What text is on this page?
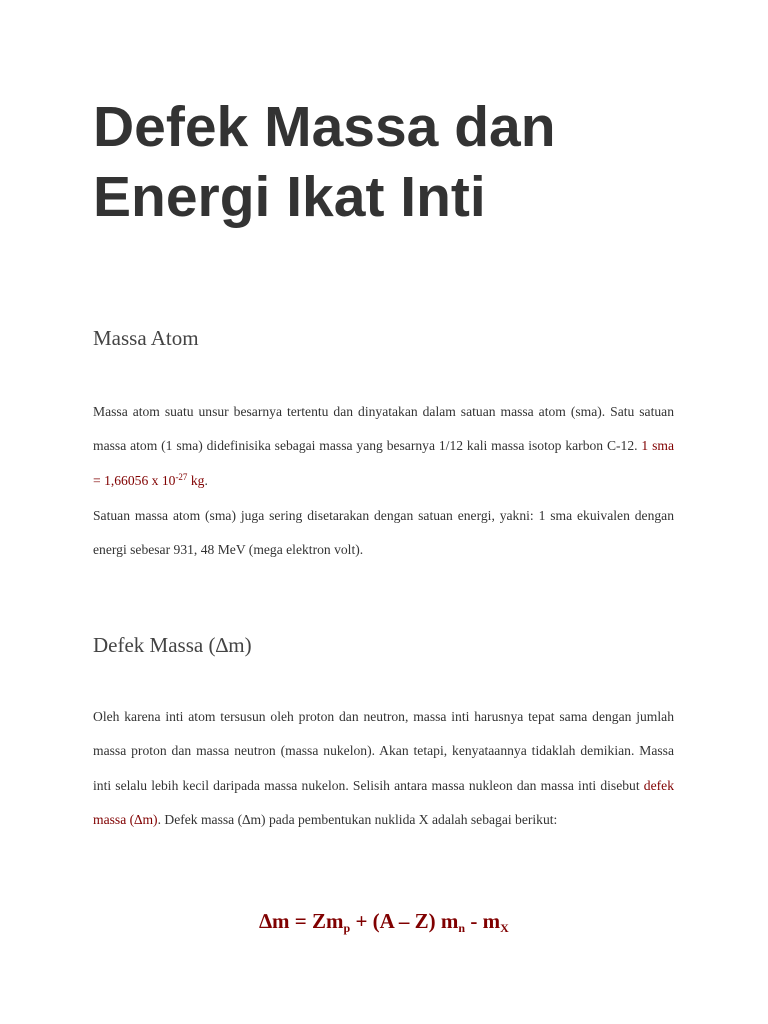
Defek Massa dan Energi Ikat Inti
Massa Atom

Massa atom suatu unsur besarnya tertentu dan dinyatakan dalam satuan massa atom (sma). Satu satuan massa atom (1 sma) didefinisika sebagai massa yang besarnya 1/12 kali massa isotop karbon C-12. 1 sma = 1,66056 x $10^{-27}$ kg.

Satuan massa atom (sma) juga sering disetarakan dengan satuan energi, yakni: 1 sma ekuivalen dengan energi sebesar 931, 48 MeV (mega elektron volt).

Defek Massa (∆m)

Oleh karena inti atom tersusun oleh proton dan neutron, massa inti harusnya tepat sama dengan jumlah massa proton dan massa neutron (massa nukelon). Akan tetapi, kenyataannya tidaklah demikian. Massa inti selalu lebih kecil daripada massa nukelon. Selisih antara massa nukleon dan massa inti disebut defek massa (∆m). Defek massa (∆m) pada pembentukan nuklida X adalah sebagai berikut:

$\Delta m = Zm_p + (A - Z)$ $m_n - m_X$
